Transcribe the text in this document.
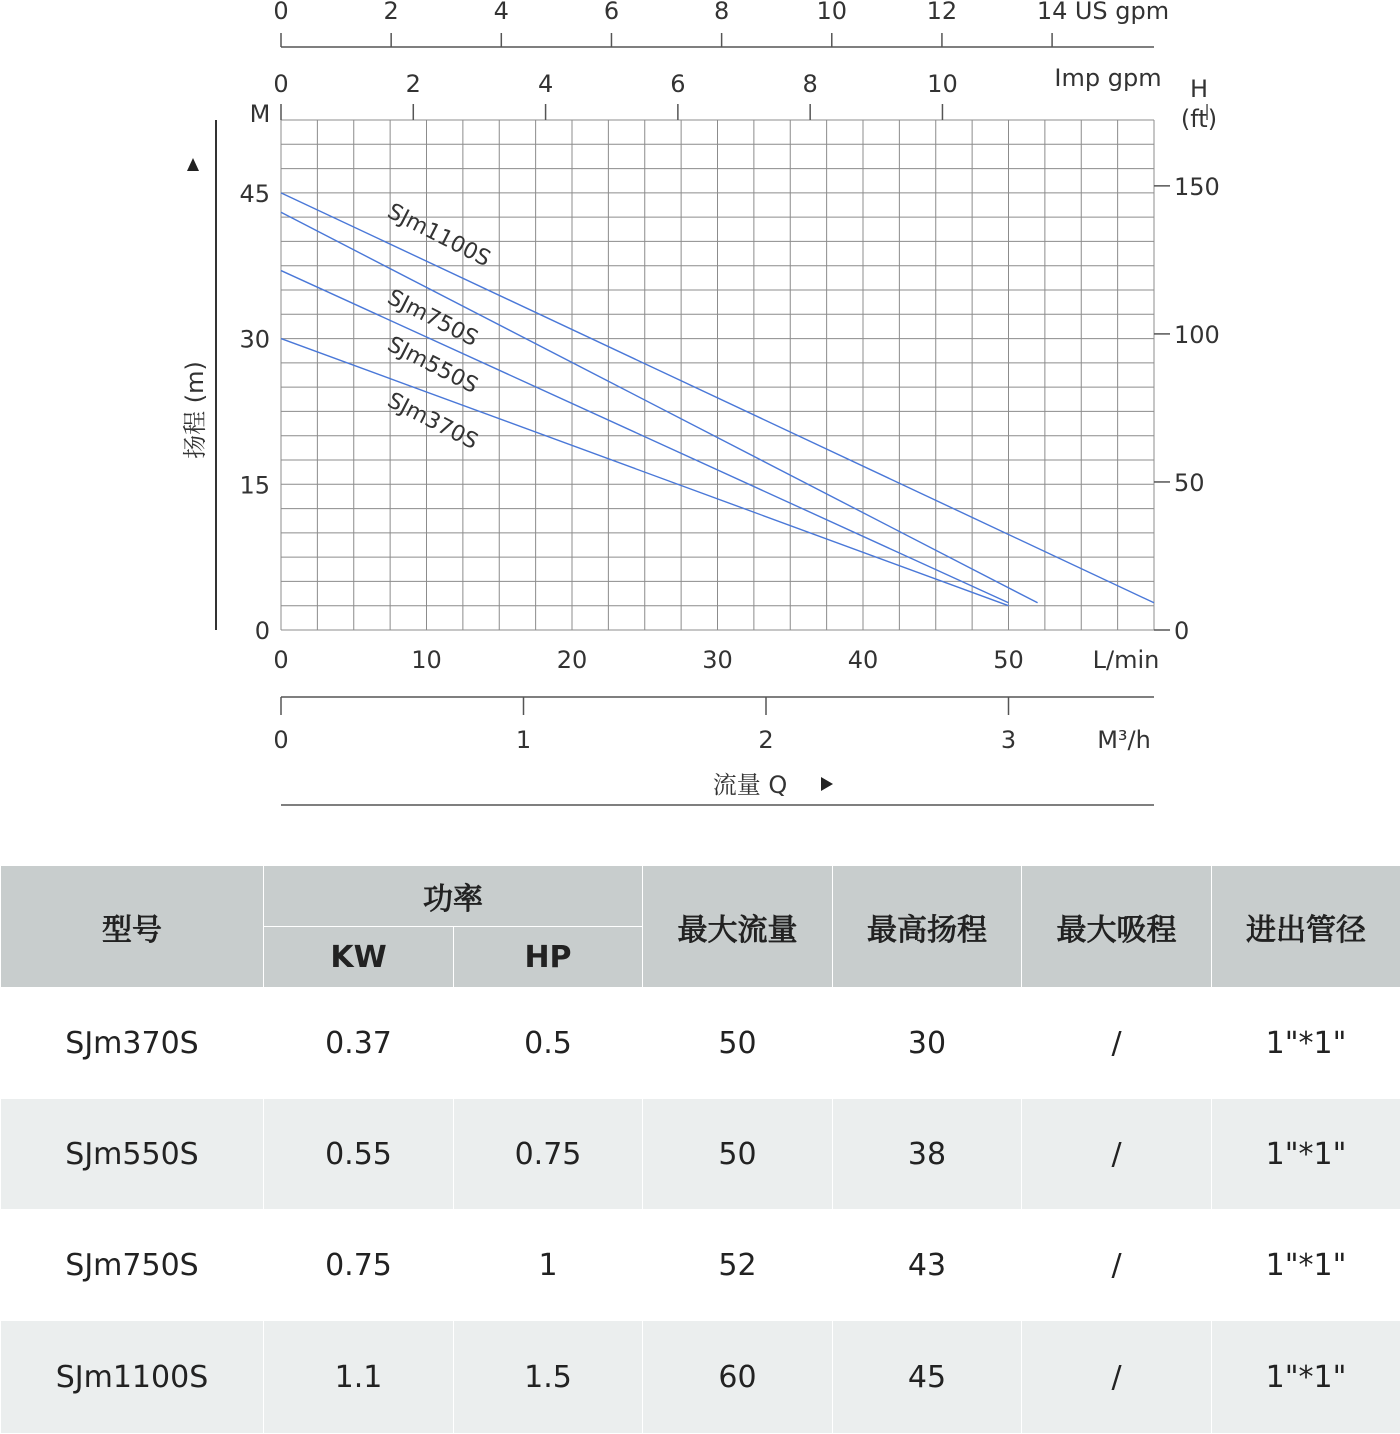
0	10	20	30	40	50	L/min
0
15
30
45
M
0
50
100
150
H
(ft)
扬程 (m)
0	2	4	6	8	10	12	14 US gpm
0	2	4	6	8	10	Imp gpm
0	1	2	3	M³/h
流量 Q
SJm1100S
SJm750S
SJm550S
SJm370S
型号	功率		最大流量	最高扬程	最大吸程	进出管径
	KW	HP				
SJm370S	0.37	0.5	50	30	/	1"*1"
SJm550S	0.55	0.75	50	38	/	1"*1"
SJm750S	0.75	1	52	43	/	1"*1"
SJm1100S	1.1	1.5	60	45	/	1"*1"
